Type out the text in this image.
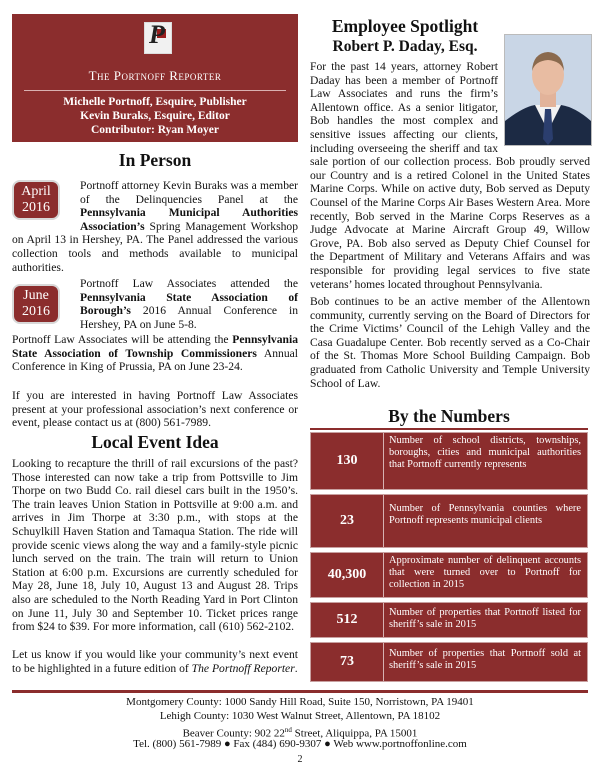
P
The Portnoff Reporter
Michelle Portnoff, Esquire, Publisher
Kevin Buraks, Esquire, Editor
Contributor: Ryan Moyer
In Person
April
2016

Portnoff attorney Kevin Buraks was a member of the Delinquencies Panel at the Pennsylvania Municipal Authorities Association’s Spring Management Workshop on April 13 in Hershey, PA. The Panel addressed the various collection tools and methods available to municipal authorities.

June
2016

Portnoff Law Associates attended the Pennsylvania State Association of Borough’s 2016 Annual Conference in Hershey, PA on June 5-8.

Portnoff Law Associates will be attending the Pennsylvania State Association of Township Commissioners Annual Conference in King of Prussia, PA on June 23-24.

If you are interested in having Portnoff Law Associates present at your professional association’s next conference or event, please contact us at (800) 561-7989.

Local Event Idea

Looking to recapture the thrill of rail excursions of the past? Those interested can now take a trip from Pottsville to Jim Thorpe on two Budd Co. rail diesel cars built in the 1950’s. The train leaves Union Station in Pottsville at 9:00 a.m. and arrives in Jim Thorpe at 3:30 p.m., with stops at the Schuylkill Haven Station and Tamaqua Station. The ride will provide scenic views along the way and a family-style picnic lunch served on the train. The train will return to Union Station at 6:00 p.m. Excursions are currently scheduled for May 28, June 18, July 10, August 13 and August 28. Trips also are scheduled to the North Reading Yard in Port Clinton on June 11, July 30 and September 10. Ticket prices range from $24 to $39. For more information, call (610) 562-2102.

Let us know if you would like your community’s next event to be highlighted in a future edition of The Portnoff Reporter.

Employee Spotlight
Robert P. Daday, Esq.

For the past 14 years, attorney Robert Daday has been a member of Portnoff Law Associates and runs the firm’s Allentown office. As a senior litigator, Bob handles the most complex and sensitive issues affecting our clients, including overseeing the sheriff and tax sale portion of our collection process. Bob proudly served our Country and is a retired Colonel in the United States Marine Corps. While on active duty, Bob served as Deputy Counsel of the Marine Corps Air Bases Western Area. More recently, Bob served in the Marine Corps Reserves as a Judge Advocate at Marine Aircraft Group 49, Willow Grove, PA. Bob also served as Deputy Chief Counsel for the Department of Military and Veterans Affairs and was responsible for providing legal services to five state veterans’ homes located throughout Pennsylvania.

Bob continues to be an active member of the Allentown community, currently serving on the Board of Directors for the Crime Victims’ Council of the Lehigh Valley and the Casa Guadalupe Center. Bob recently served as a Co-Chair of the St. Thomas More School Building Campaign. Bob graduated from Catholic University and Temple University School of Law.

By the Numbers
130
Number of school districts, townships, boroughs, cities and municipal authorities that Portnoff currently represents
23
Number of Pennsylvania counties where Portnoff represents municipal clients
40,300
Approximate number of delinquent accounts that were turned over to Portnoff for collection in 2015
512	Number of properties that Portnoff listed for sheriff’s sale in 2015
73
Number of properties that Portnoff sold at sheriff’s sale in 2015
Montgomery County: 1000 Sandy Hill Road, Suite 150, Norristown, PA 19401
Lehigh County: 1030 West Walnut Street, Allentown, PA 18102
Beaver County: 902 22nd Street, Aliquippa, PA 15001
Tel. (800) 561-7989 ● Fax (484) 690-9307 ● Web www.portnoffonline.com
2
